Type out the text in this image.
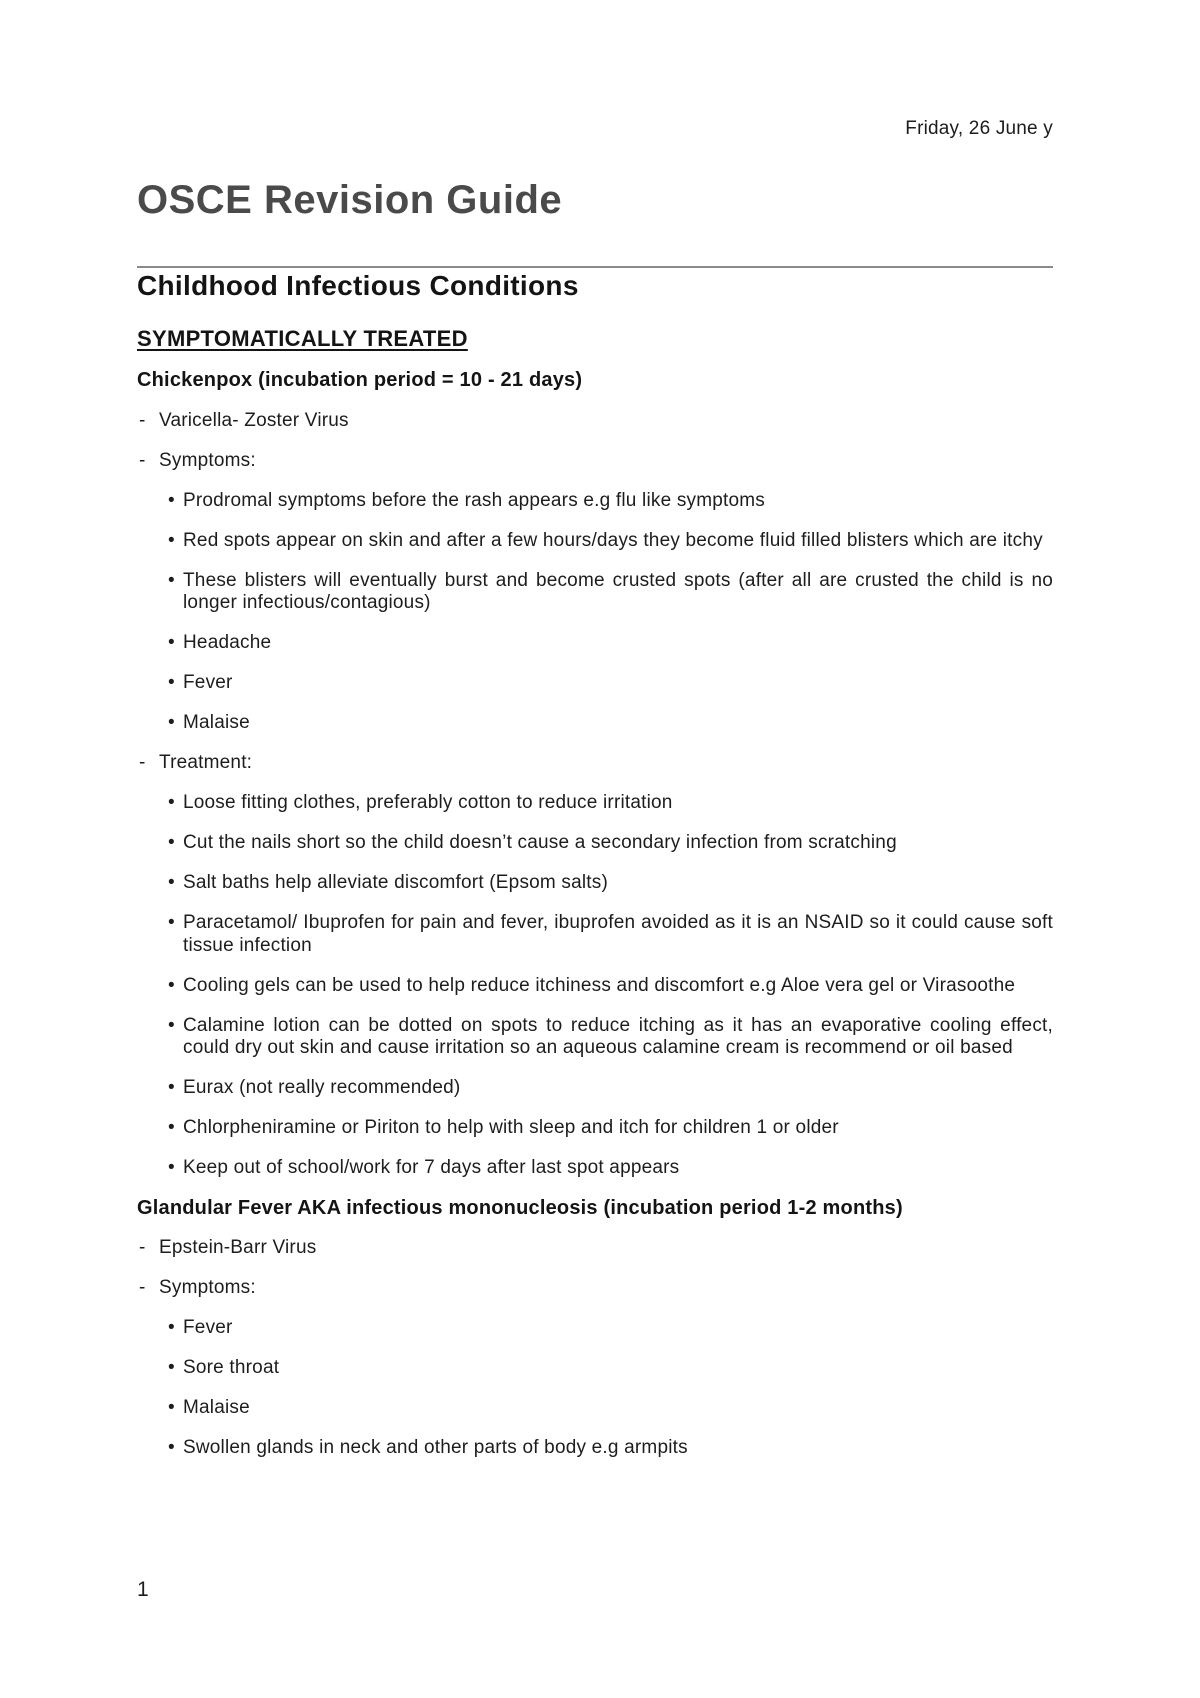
Friday, 26 June y
OSCE Revision Guide
Childhood Infectious Conditions
SYMPTOMATICALLY TREATED

Chickenpox (incubation period = 10 - 21 days)

- Varicella- Zoster Virus

- Symptoms:

• Prodromal symptoms before the rash appears e.g flu like symptoms

• Red spots appear on skin and after a few hours/days they become fluid filled blisters which are itchy

• These blisters will eventually burst and become crusted spots (after all are crusted the child is no longer infectious/contagious)

• Headache

• Fever

• Malaise

- Treatment:

• Loose fitting clothes, preferably cotton to reduce irritation

• Cut the nails short so the child doesn’t cause a secondary infection from scratching

• Salt baths help alleviate discomfort (Epsom salts)

• Paracetamol/ Ibuprofen for pain and fever, ibuprofen avoided as it is an NSAID so it could cause soft tissue infection

• Cooling gels can be used to help reduce itchiness and discomfort e.g Aloe vera gel or Virasoothe

• Calamine lotion can be dotted on spots to reduce itching as it has an evaporative cooling effect, could dry out skin and cause irritation so an aqueous calamine cream is recommend or oil based

• Eurax (not really recommended)

• Chlorpheniramine or Piriton to help with sleep and itch for children 1 or older

• Keep out of school/work for 7 days after last spot appears

Glandular Fever AKA infectious mononucleosis (incubation period 1-2 months)

- Epstein-Barr Virus

- Symptoms:

• Fever

• Sore throat

• Malaise

• Swollen glands in neck and other parts of body e.g armpits

1
